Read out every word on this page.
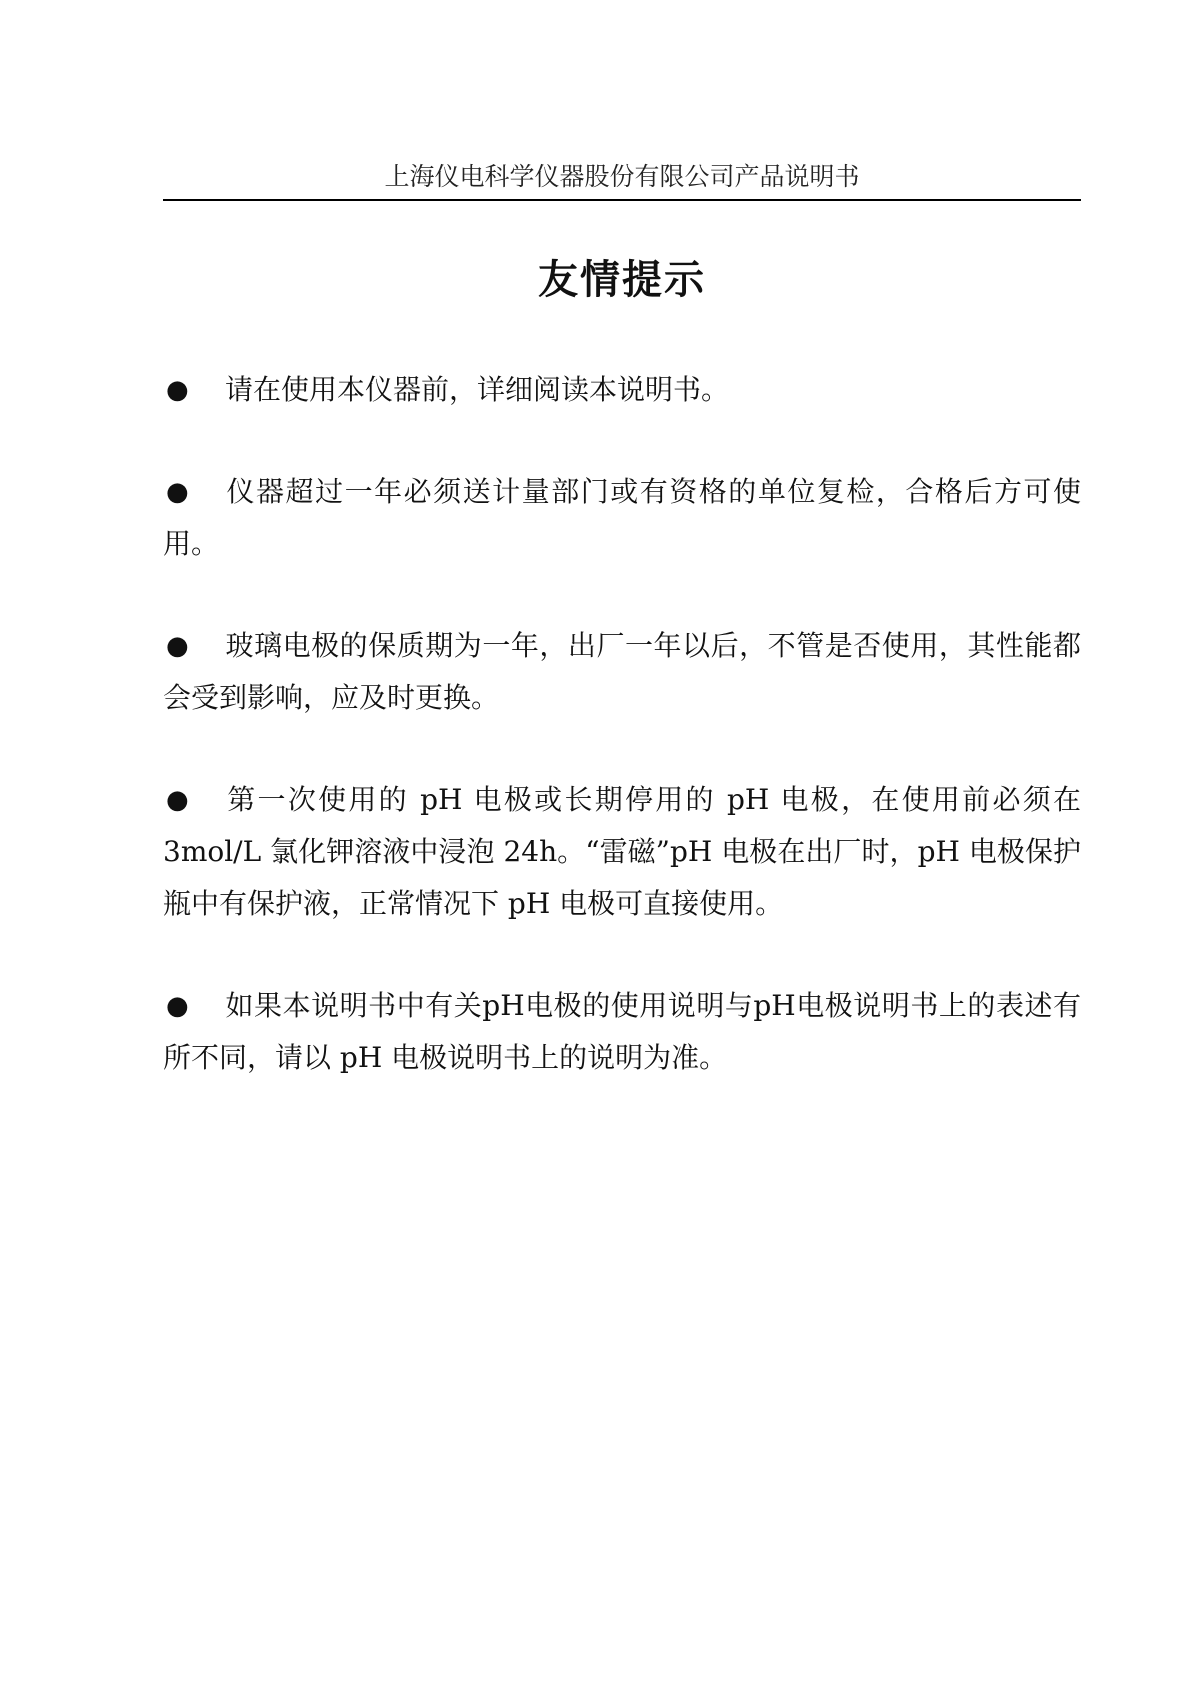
上海仪电科学仪器股份有限公司产品说明书
友情提示

● 请在使用本仪器前，详细阅读本说明书。

● 仪器超过一年必须送计量部门或有资格的单位复检，合格后方可使用。

● 玻璃电极的保质期为一年，出厂一年以后，不管是否使用，其性能都会受到影响，应及时更换。

● 第一次使用的 pH 电极或长期停用的 pH 电极，在使用前必须在 3mol/L 氯化钾溶液中浸泡 24h。“雷磁”pH 电极在出厂时，pH 电极保护瓶中有保护液，正常情况下 pH 电极可直接使用。

● 如果本说明书中有关pH电极的使用说明与pH电极说明书上的表述有所不同，请以 pH 电极说明书上的说明为准。
